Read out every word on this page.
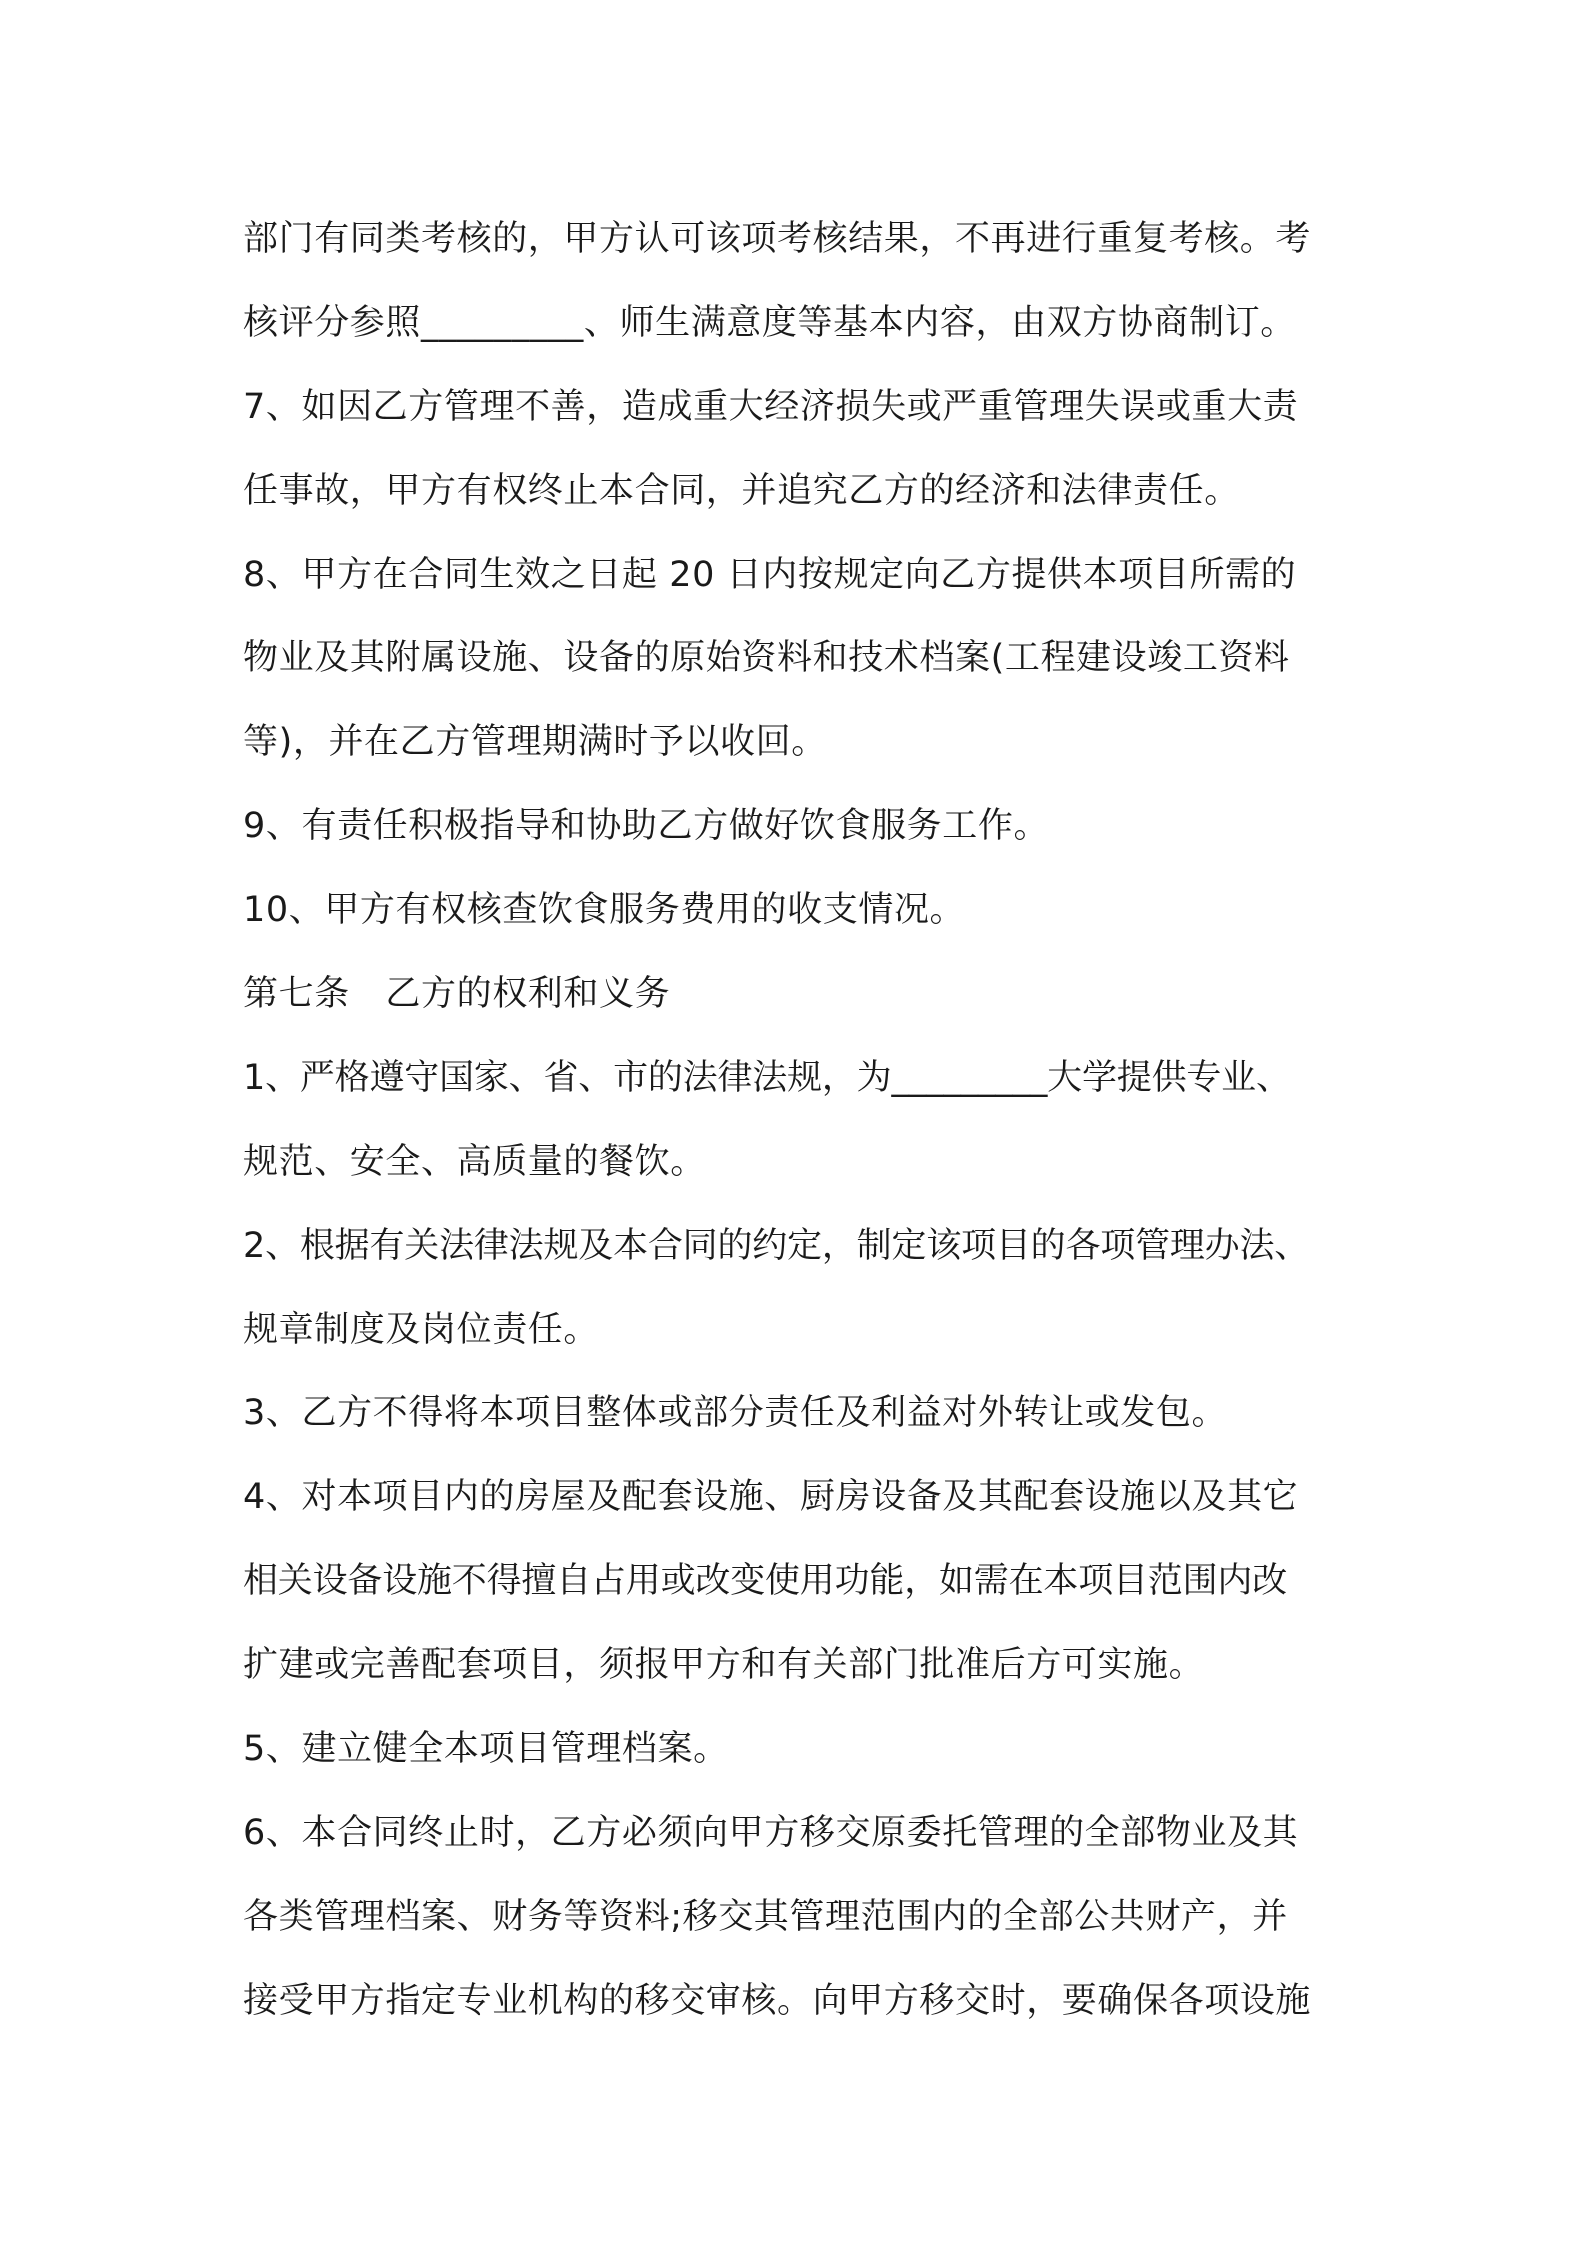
部门有同类考核的，甲方认可该项考核结果，不再进行重复考核。考
核评分参照_________、师生满意度等基本内容，由双方协商制订。
7、如因乙方管理不善，造成重大经济损失或严重管理失误或重大责
任事故，甲方有权终止本合同，并追究乙方的经济和法律责任。
8、甲方在合同生效之日起 20 日内按规定向乙方提供本项目所需的
物业及其附属设施、设备的原始资料和技术档案(工程建设竣工资料
等)，并在乙方管理期满时予以收回。
9、有责任积极指导和协助乙方做好饮食服务工作。
10、甲方有权核查饮食服务费用的收支情况。
第七条　乙方的权利和义务
1、严格遵守国家、省、市的法律法规，为_________大学提供专业、
规范、安全、高质量的餐饮。
2、根据有关法律法规及本合同的约定，制定该项目的各项管理办法、
规章制度及岗位责任。
3、乙方不得将本项目整体或部分责任及利益对外转让或发包。
4、对本项目内的房屋及配套设施、厨房设备及其配套设施以及其它
相关设备设施不得擅自占用或改变使用功能，如需在本项目范围内改
扩建或完善配套项目，须报甲方和有关部门批准后方可实施。
5、建立健全本项目管理档案。
6、本合同终止时，乙方必须向甲方移交原委托管理的全部物业及其
各类管理档案、财务等资料;移交其管理范围内的全部公共财产，并
接受甲方指定专业机构的移交审核。向甲方移交时，要确保各项设施
